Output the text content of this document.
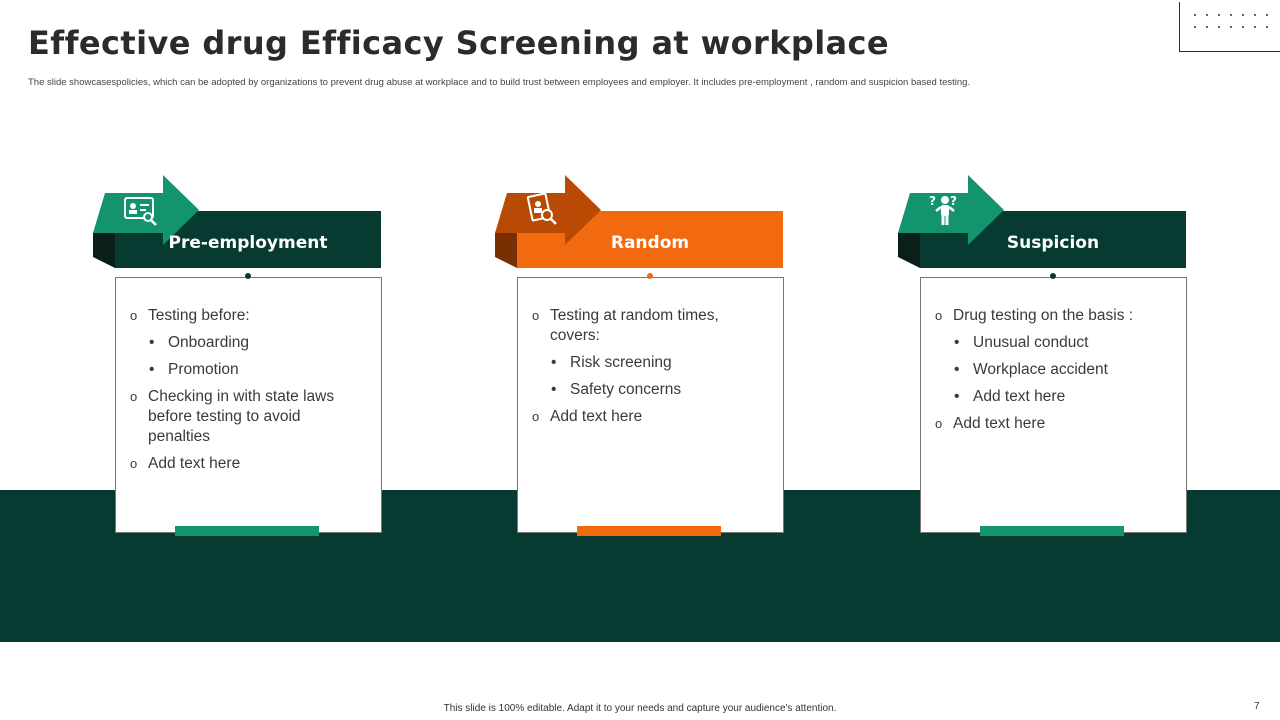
Effective drug Efficacy Screening at workplace
The slide showcasespolicies, which can be adopted by organizations to prevent drug abuse at workplace and to build trust between employees and employer. It includes pre-employment , random and suspicion based testing.
o Testing before:
• Onboarding
• Promotion
o Checking in with state laws before testing to avoid penalties
o Add text here
Pre-employment
o Testing at random times, covers:
• Risk screening
• Safety concerns
o Add text here
Random
o Drug testing on the basis :
• Unusual conduct
• Workplace accident
• Add text here
o Add text here
Suspicion
? ?
This slide is 100% editable. Adapt it to your needs and capture your audience's attention.	7
